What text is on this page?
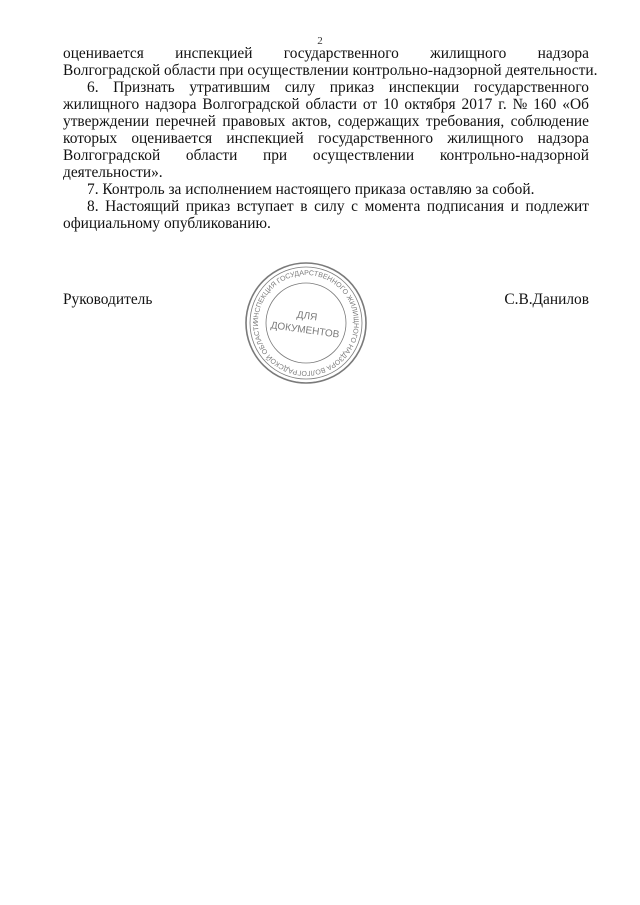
2
оценивается инспекцией государственного жилищного надзора
Волгоградской области при осуществлении контрольно-надзорной деятельности.
6. Признать утратившим силу приказ инспекции государственного
жилищного надзора Волгоградской области от 10 октября 2017 г. № 160 «Об
утверждении перечней правовых актов, содержащих требования, соблюдение
которых оценивается инспекцией государственного жилищного надзора
Волгоградской области при осуществлении контрольно-надзорной
деятельности».
7. Контроль за исполнением настоящего приказа оставляю за собой.
8. Настоящий приказ вступает в силу с момента подписания и подлежит
официальному опубликованию.
Руководитель	С.В.Данилов
ИНСПЕКЦИЯ ГОСУДАРСТВЕННОГО ЖИЛИЩНОГО НАДЗОРА ВОЛГОГРАДСКОЙ ОБЛАСТИ
ДЛЯ
ДОКУМЕНТОВ
